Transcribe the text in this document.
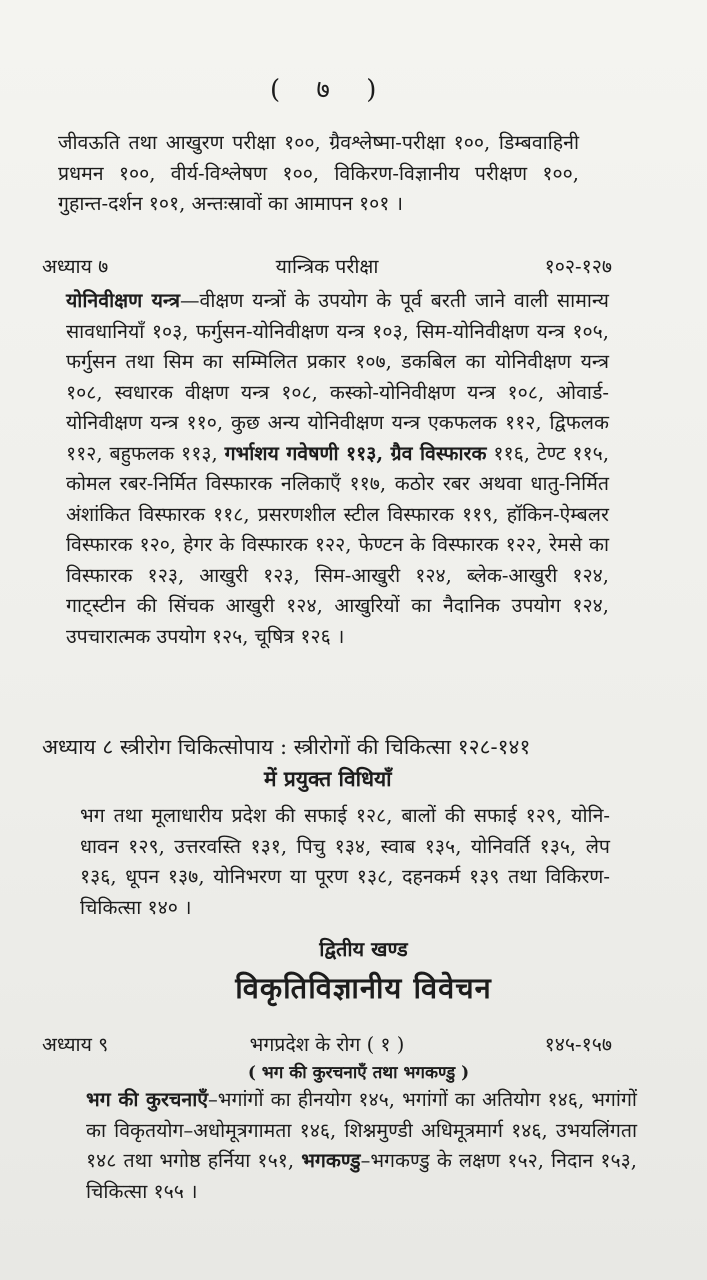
( ७ )

जीवऊति तथा आखुरण परीक्षा १००, ग्रैवश्लेष्मा-परीक्षा १००, डिम्बवाहिनी प्रधमन १००, वीर्य-विश्लेषण १००, विकिरण-विज्ञानीय परीक्षण १००, गुहान्त-दर्शन १०१, अन्तःस्रावों का आमापन १०१ ।

अध्याय ७	यान्त्रिक परीक्षा	१०२-१२७

योनिवीक्षण यन्त्र—वीक्षण यन्त्रों के उपयोग के पूर्व बरती जाने वाली सामान्य सावधानियाँ १०३, फर्गुसन-योनिवीक्षण यन्त्र १०३, सिम-योनिवीक्षण यन्त्र १०५, फर्गुसन तथा सिम का सम्मिलित प्रकार १०७, डकबिल का योनिवीक्षण यन्त्र १०८, स्वधारक वीक्षण यन्त्र १०८, कस्को-योनिवीक्षण यन्त्र १०८, ओवार्ड-योनिवीक्षण यन्त्र ११०, कुछ अन्य योनिवीक्षण यन्त्र एकफलक ११२, द्विफलक ११२, बहुफलक ११३, गर्भाशय गवेषणी ११३, ग्रैव विस्फारक ११६, टेण्ट ११५, कोमल रबर-निर्मित विस्फारक नलिकाएँ ११७, कठोर रबर अथवा धातु-निर्मित अंशांकित विस्फारक ११८, प्रसरणशील स्टील विस्फारक ११९, हॉकिन-ऐम्बलर विस्फारक १२०, हेगर के विस्फारक १२२, फेण्टन के विस्फारक १२२, रेमसे का विस्फारक १२३, आखुरी १२३, सिम-आखुरी १२४, ब्लेक-आखुरी १२४, गाट्स्टीन की सिंचक आखुरी १२४, आखुरियों का नैदानिक उपयोग १२४, उपचारात्मक उपयोग १२५, चूषित्र १२६ ।

अध्याय ८ स्त्रीरोग चिकित्सोपाय : स्त्रीरोगों की चिकित्सा १२८-१४१
में प्रयुक्त विधियाँ

भग तथा मूलाधारीय प्रदेश की सफाई १२८, बालों की सफाई १२९, योनि-धावन १२९, उत्तरवस्ति १३१, पिचु १३४, स्वाब १३५, योनिवर्ति १३५, लेप १३६, धूपन १३७, योनिभरण या पूरण १३८, दहनकर्म १३९ तथा विकिरण-चिकित्सा १४० ।

द्वितीय खण्ड
विकृतिविज्ञानीय विवेचन
अध्याय ९	भगप्रदेश के रोग ( १ )	१४५-१५७
( भग की कुरचनाएँ तथा भगकण्डु )

भग की कुरचनाएँ–भगांगों का हीनयोग १४५, भगांगों का अतियोग १४६, भगांगों का विकृतयोग–अधोमूत्रगामता १४६, शिश्नमुण्डी अधिमूत्रमार्ग १४६, उभयलिंगता १४८ तथा भगोष्ठ हर्निया १५१, भगकण्डु–भगकण्डु के लक्षण १५२, निदान १५३, चिकित्सा १५५ ।
